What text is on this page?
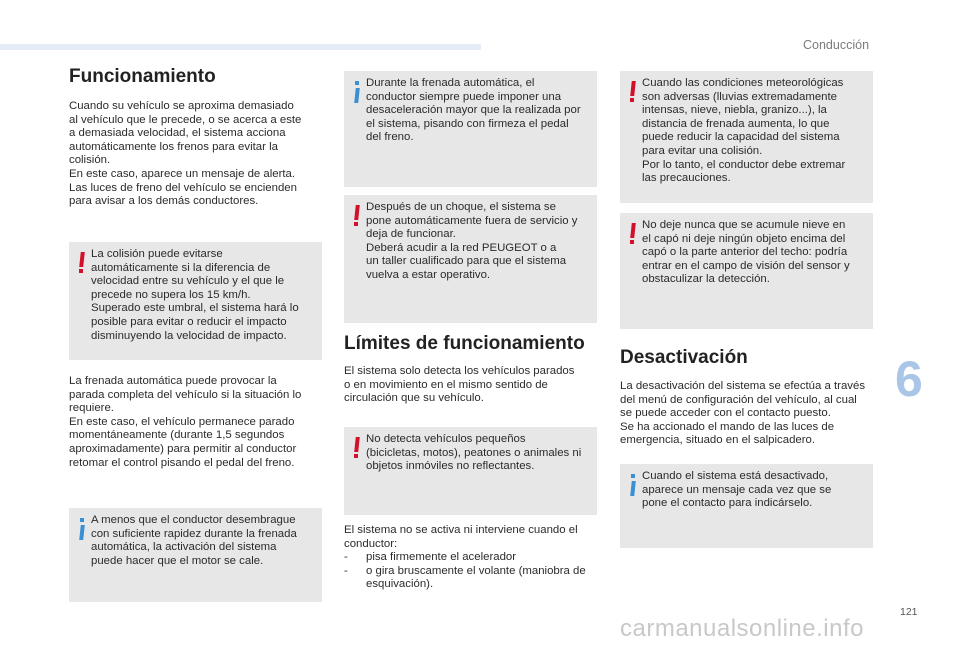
Conducción
Funcionamiento

Cuando su vehículo se aproxima demasiado
al vehículo que le precede, o se acerca a este
a demasiada velocidad, el sistema acciona
automáticamente los frenos para evitar la
colisión.
En este caso, aparece un mensaje de alerta.
Las luces de freno del vehículo se encienden
para avisar a los demás conductores.

La colisión puede evitarse
automáticamente si la diferencia de
velocidad entre su vehículo y el que le
precede no supera los 15 km/h.
Superado este umbral, el sistema hará lo
posible para evitar o reducir el impacto
disminuyendo la velocidad de impacto.

La frenada automática puede provocar la
parada completa del vehículo si la situación lo
requiere.
En este caso, el vehículo permanece parado
momentáneamente (durante 1,5 segundos
aproximadamente) para permitir al conductor
retomar el control pisando el pedal del freno.

A menos que el conductor desembrague
con suficiente rapidez durante la frenada
automática, la activación del sistema
puede hacer que el motor se cale.
Durante la frenada automática, el
conductor siempre puede imponer una
desaceleración mayor que la realizada por
el sistema, pisando con firmeza el pedal
del freno.
Después de un choque, el sistema se
pone automáticamente fuera de servicio y
deja de funcionar.
Deberá acudir a la red PEUGEOT o a
un taller cualificado para que el sistema
vuelva a estar operativo.
Límites de funcionamiento

El sistema solo detecta los vehículos parados
o en movimiento en el mismo sentido de
circulación que su vehículo.

No detecta vehículos pequeños
(bicicletas, motos), peatones o animales ni
objetos inmóviles no reflectantes.

El sistema no se activa ni interviene cuando el
conductor:

-	pisa firmemente el acelerador
-	o gira bruscamente el volante (maniobra de
esquivación).
Cuando las condiciones meteorológicas
son adversas (lluvias extremadamente
intensas, nieve, niebla, granizo...), la
distancia de frenada aumenta, lo que
puede reducir la capacidad del sistema
para evitar una colisión.
Por lo tanto, el conductor debe extremar
las precauciones.
No deje nunca que se acumule nieve en
el capó ni deje ningún objeto encima del
capó o la parte anterior del techo: podría
entrar en el campo de visión del sensor y
obstaculizar la detección.
Desactivación

La desactivación del sistema se efectúa a través
del menú de configuración del vehículo, al cual
se puede acceder con el contacto puesto.
Se ha accionado el mando de las luces de
emergencia, situado en el salpicadero.

Cuando el sistema está desactivado,
aparece un mensaje cada vez que se
pone el contacto para indicárselo.
6
121
carmanualsonline.info
